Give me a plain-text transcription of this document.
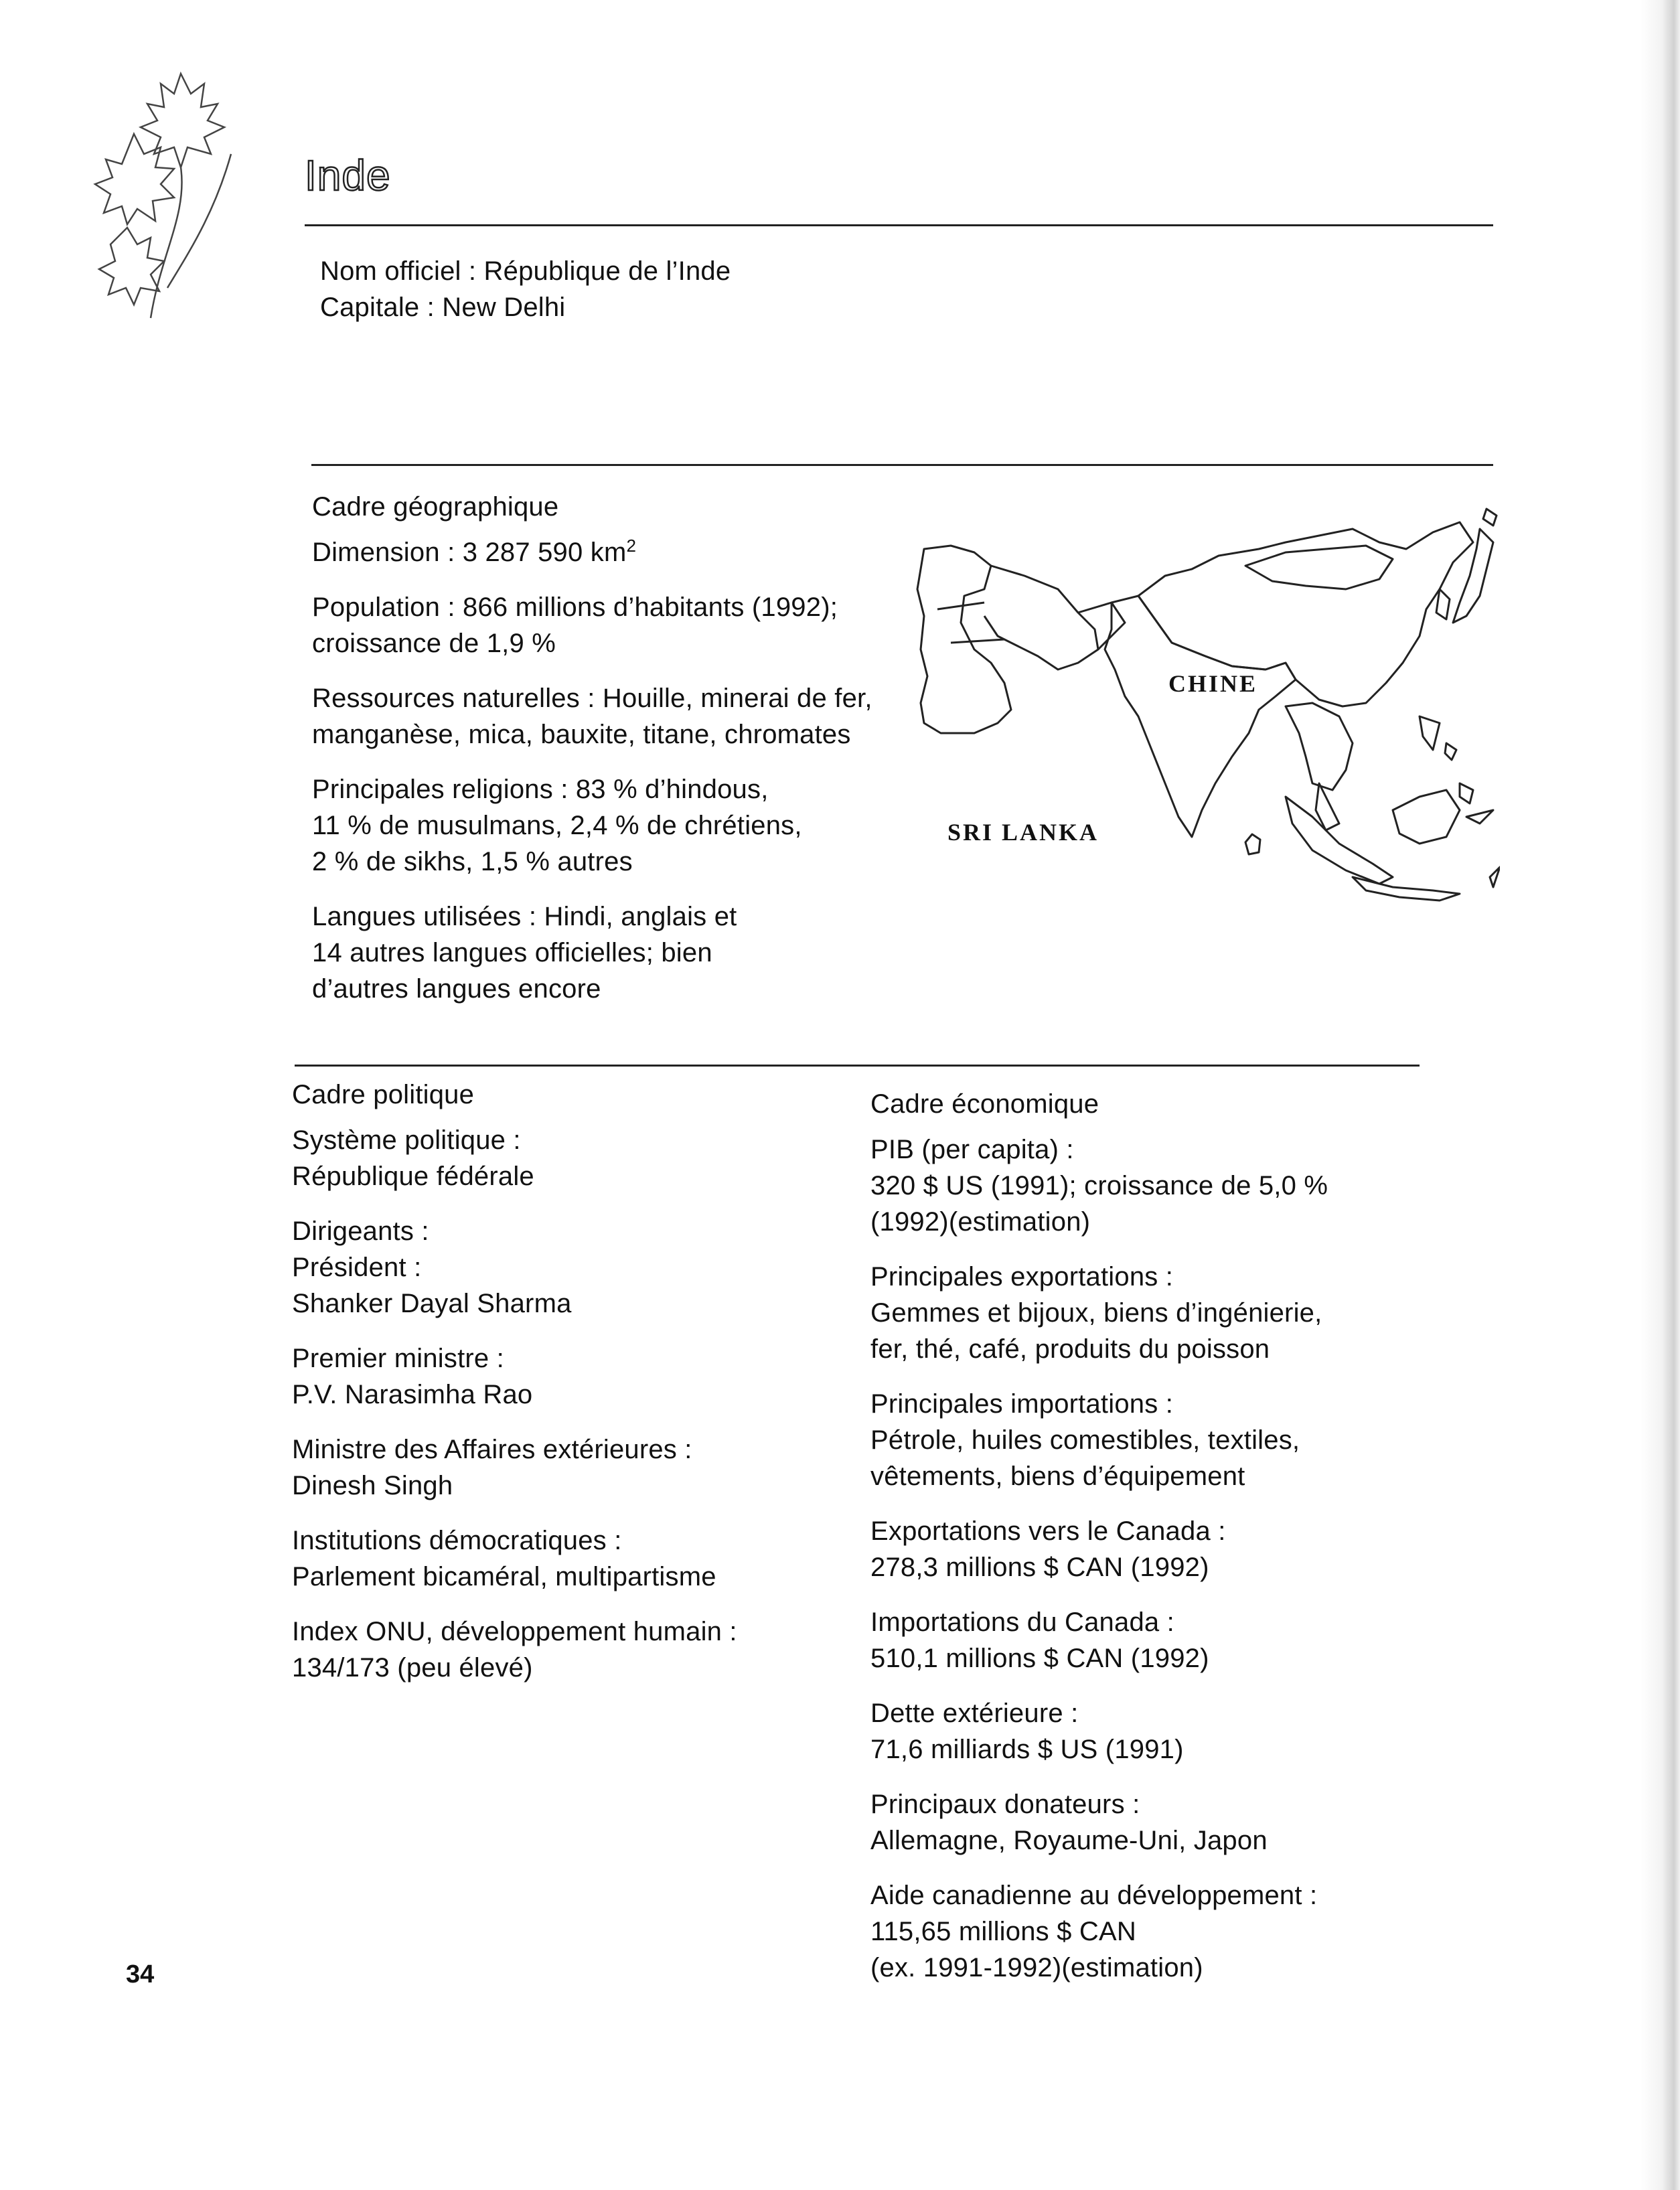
Inde
Nom officiel : République de l’Inde
Capitale : New Delhi
Cadre géographique
Dimension : 3 287 590 $km^2$
Population : 866 millions d’habitants (1992);
croissance de 1,9 %
Ressources naturelles : Houille, minerai de fer,
manganèse, mica, bauxite, titane, chromates
Principales religions : 83 % d’hindous,
11 % de musulmans, 2,4 % de chrétiens,
2 % de sikhs, 1,5 % autres
Langues utilisées : Hindi, anglais et
14 autres langues officielles; bien
d’autres langues encore
CHINE
SRI LANKA
Cadre politique
Système politique :
République fédérale
Dirigeants :
Président :
Shanker Dayal Sharma
Premier ministre :
P.V. Narasimha Rao
Ministre des Affaires extérieures :
Dinesh Singh
Institutions démocratiques :
Parlement bicaméral, multipartisme
Index ONU, développement humain :
134/173 (peu élevé)
Cadre économique
PIB (per capita) :
320 $ US (1991); croissance de 5,0 %
(1992)(estimation)
Principales exportations :
Gemmes et bijoux, biens d’ingénierie,
fer, thé, café, produits du poisson
Principales importations :
Pétrole, huiles comestibles, textiles,
vêtements, biens d’équipement
Exportations vers le Canada :
278,3 millions $ CAN (1992)
Importations du Canada :
510,1 millions $ CAN (1992)
Dette extérieure :
71,6 milliards $ US (1991)
Principaux donateurs :
Allemagne, Royaume-Uni, Japon
Aide canadienne au développement :
115,65 millions $ CAN
(ex. 1991-1992)(estimation)
34
